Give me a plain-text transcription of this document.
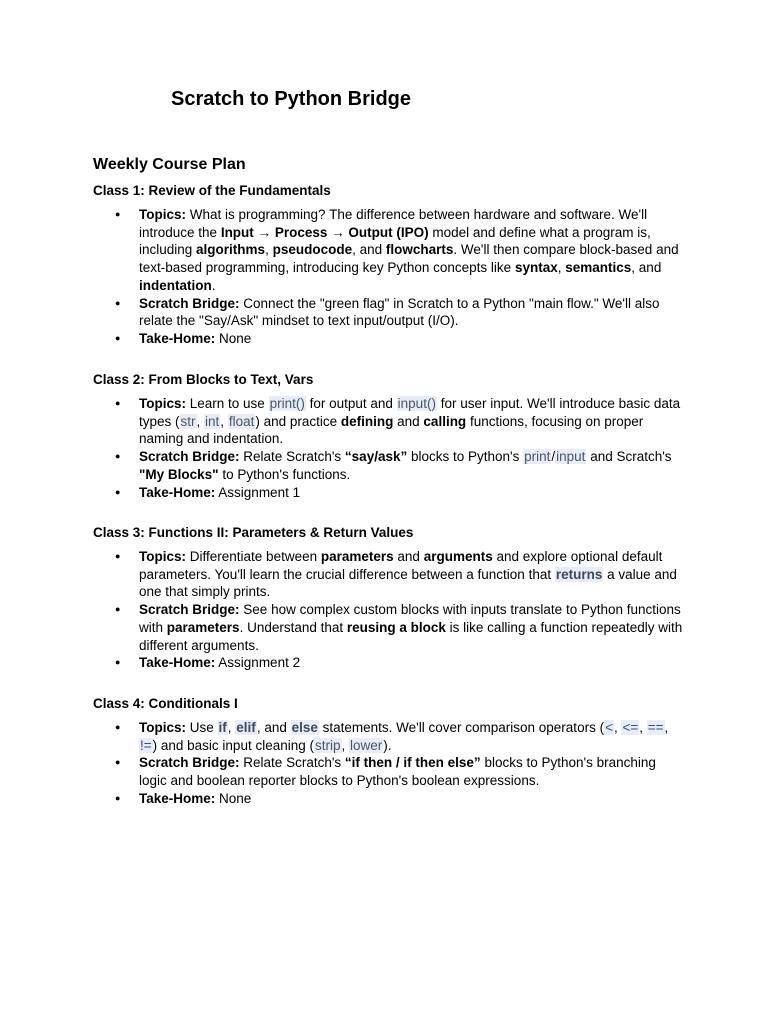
Scratch to Python Bridge
Weekly Course Plan
Class 1: Review of the Fundamentals
● Topics: What is programming? The difference between hardware and software. We'll introduce the Input → Process → Output (IPO) model and define what a program is, including algorithms, pseudocode, and flowcharts. We'll then compare block-based and text-based programming, introducing key Python concepts like syntax, semantics, and indentation.
● Scratch Bridge: Connect the "green flag" in Scratch to a Python "main flow." We'll also relate the "Say/Ask" mindset to text input/output (I/O).
● Take-Home: None
Class 2: From Blocks to Text, Vars
● Topics: Learn to use print() for output and input() for user input. We'll introduce basic data types (str, int, float) and practice defining and calling functions, focusing on proper naming and indentation.
● Scratch Bridge: Relate Scratch's “say/ask” blocks to Python's print/input and Scratch's "My Blocks" to Python's functions.
● Take-Home: Assignment 1
Class 3: Functions II: Parameters & Return Values
● Topics: Differentiate between parameters and arguments and explore optional default parameters. You'll learn the crucial difference between a function that returns a value and one that simply prints.
● Scratch Bridge: See how complex custom blocks with inputs translate to Python functions with parameters. Understand that reusing a block is like calling a function repeatedly with different arguments.
● Take-Home: Assignment 2
Class 4: Conditionals I
● Topics: Use if, elif, and else statements. We'll cover comparison operators (<, <=, ==, !=) and basic input cleaning (strip, lower).
● Scratch Bridge: Relate Scratch's “if then / if then else” blocks to Python's branching logic and boolean reporter blocks to Python's boolean expressions.
● Take-Home: None
